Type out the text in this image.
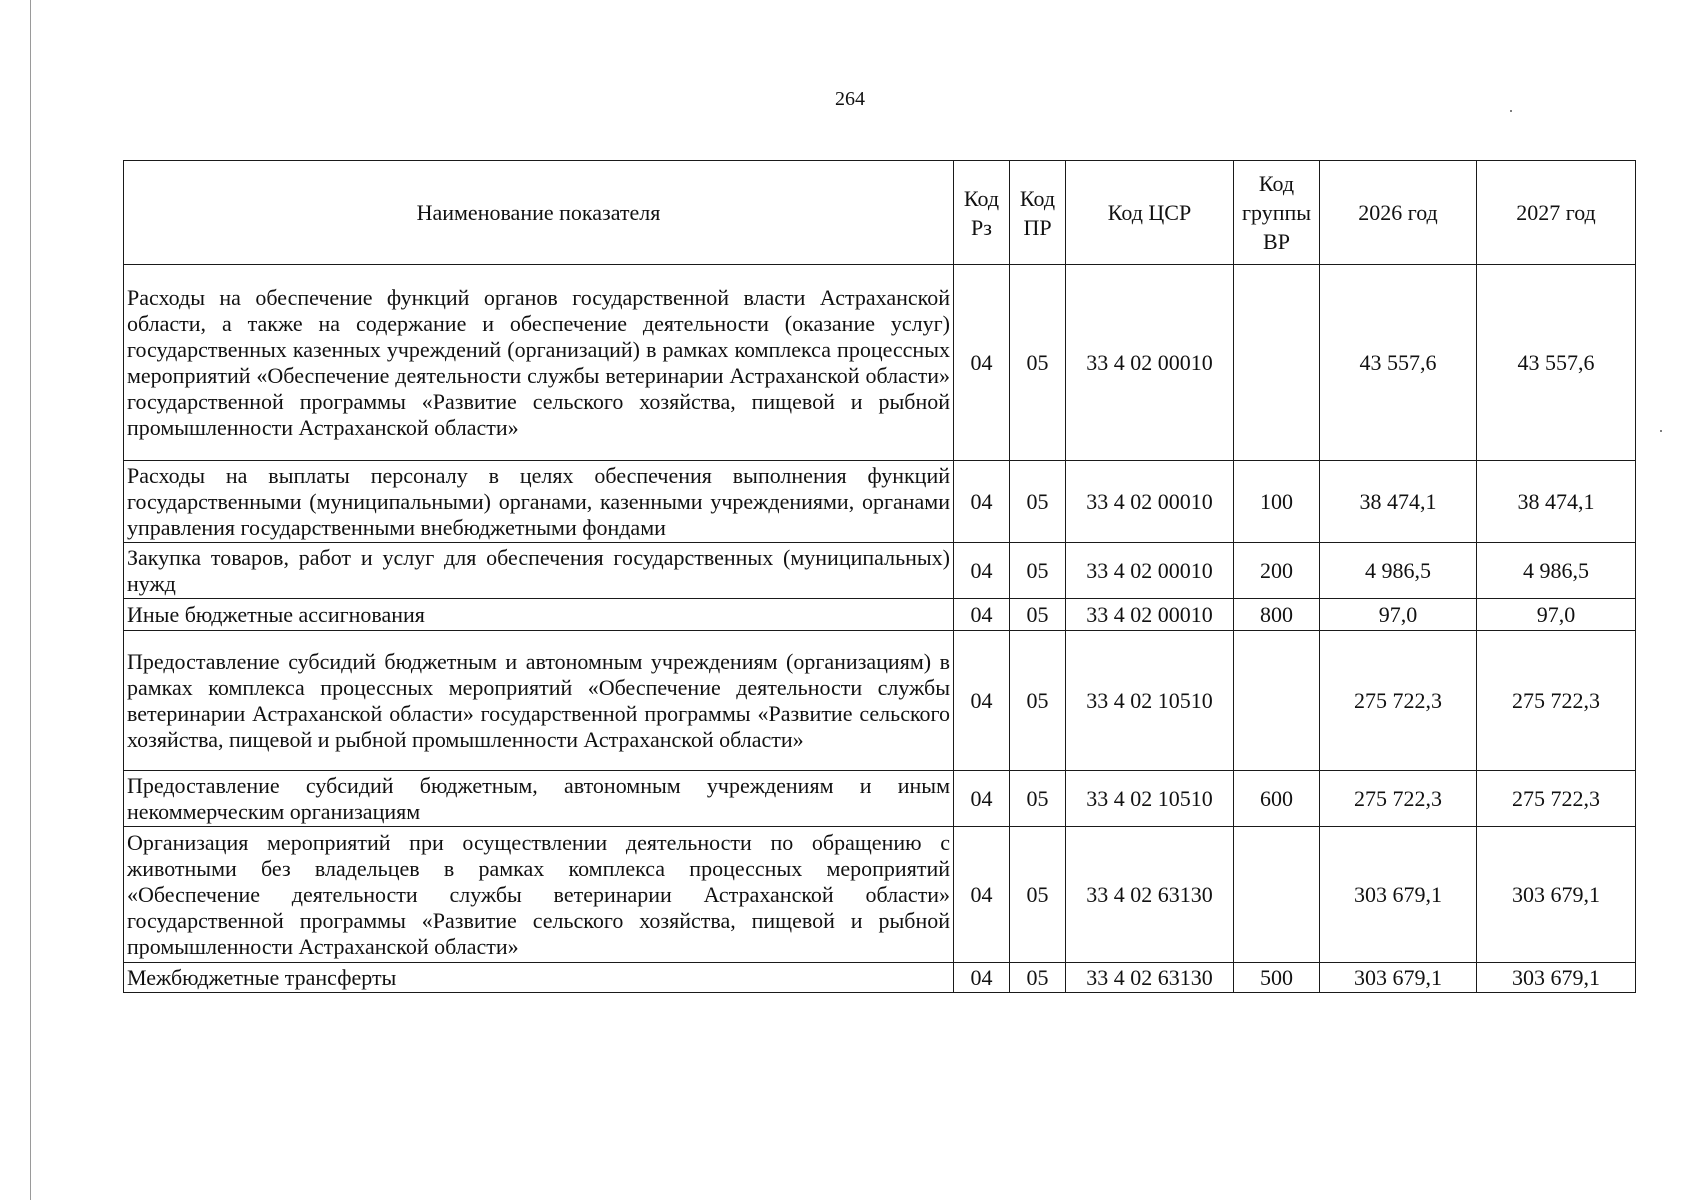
264
Наименование показателя	Код Рз	Код ПР	Код ЦСР	Код группы ВР	2026 год	2027 год
Расходы на обеспечение функций органов государственной власти Астраханской области, а также на содержание и обеспечение деятельности (оказание услуг) государственных казенных учреждений (организаций) в рамках комплекса процессных мероприятий «Обеспечение деятельности службы ветеринарии Астраханской области» государственной программы «Развитие сельского хозяйства, пищевой и рыбной промышленности Астраханской области»	04	05	33 4 02 00010		43 557,6	43 557,6
Расходы на выплаты персоналу в целях обеспечения выполнения функций государственными (муниципальными) органами, казенными учреждениями, органами управления государственными внебюджетными фондами	04	05	33 4 02 00010	100	38 474,1	38 474,1
Закупка товаров, работ и услуг для обеспечения государственных (муниципальных) нужд	04	05	33 4 02 00010	200	4 986,5	4 986,5
Иные бюджетные ассигнования	04	05	33 4 02 00010	800	97,0	97,0
Предоставление субсидий бюджетным и автономным учреждениям (организациям) в рамках комплекса процессных мероприятий «Обеспечение деятельности службы ветеринарии Астраханской области» государственной программы «Развитие сельского хозяйства, пищевой и рыбной промышленности Астраханской области»	04	05	33 4 02 10510		275 722,3	275 722,3
Предоставление субсидий бюджетным, автономным учреждениям и иным некоммерческим организациям	04	05	33 4 02 10510	600	275 722,3	275 722,3
Организация мероприятий при осуществлении деятельности по обращению с животными без владельцев в рамках комплекса процессных мероприятий «Обеспечение деятельности службы ветеринарии Астраханской области» государственной программы «Развитие сельского хозяйства, пищевой и рыбной промышленности Астраханской области»	04	05	33 4 02 63130		303 679,1	303 679,1
Межбюджетные трансферты	04	05	33 4 02 63130	500	303 679,1	303 679,1
